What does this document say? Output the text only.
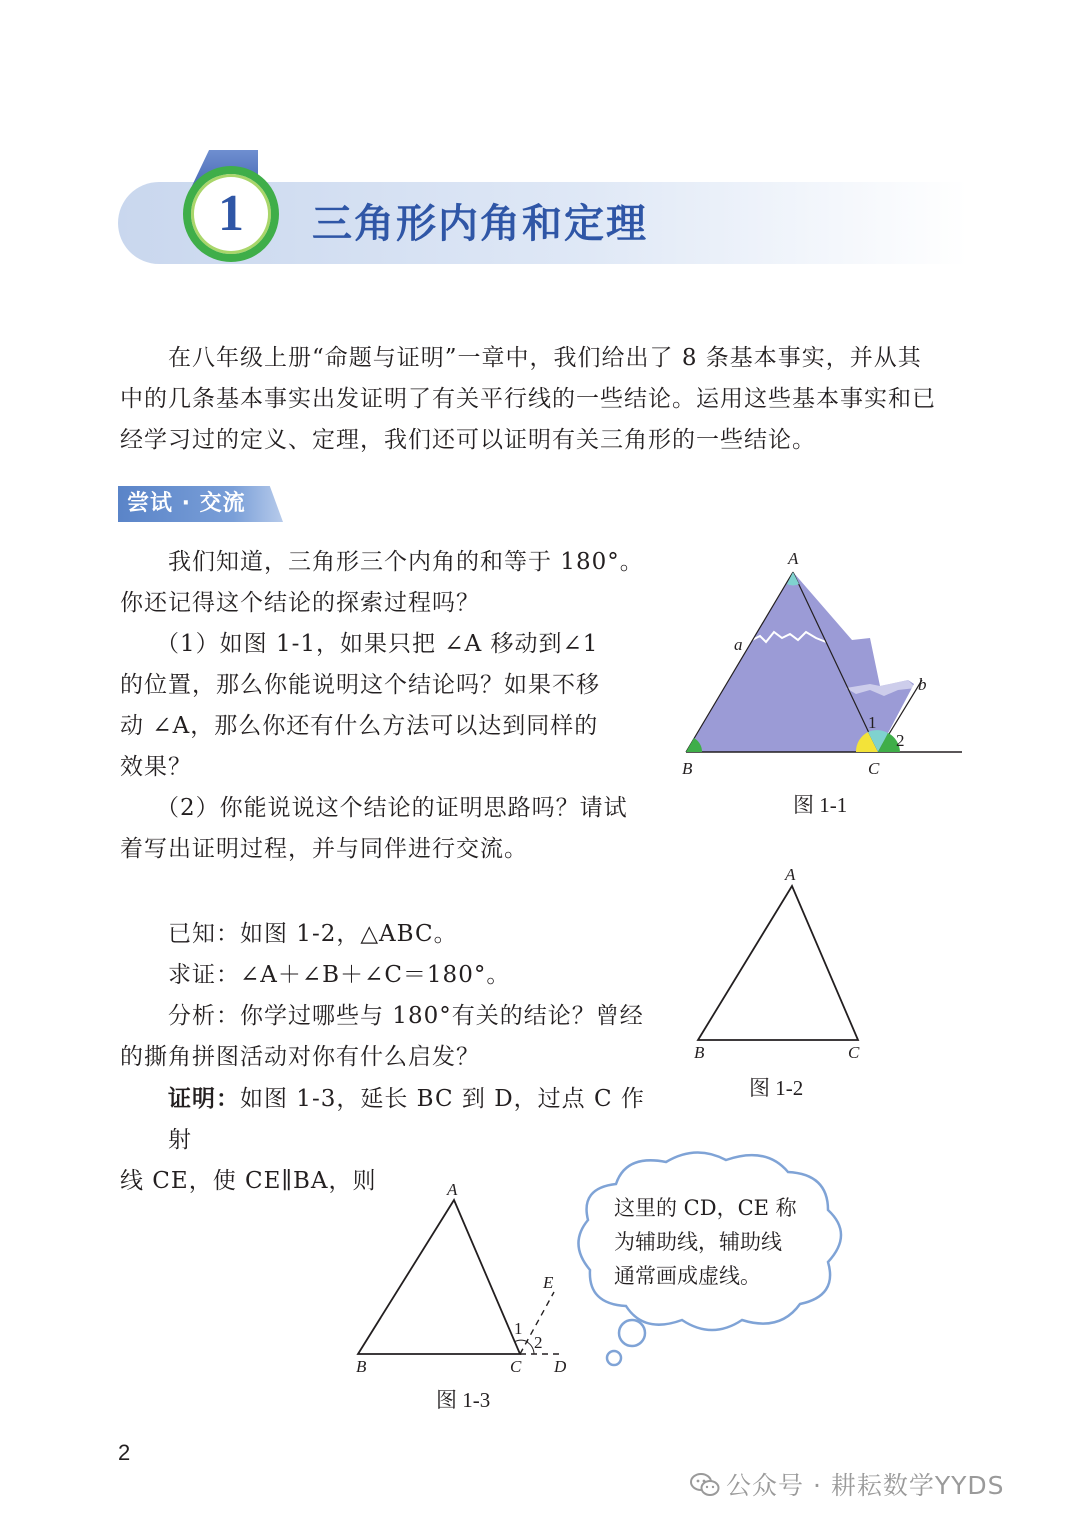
1 三角形内角和定理
在八年级上册“命题与证明”一章中，我们给出了 8 条基本事实，并从其
中的几条基本事实出发证明了有关平行线的一些结论。运用这些基本事实和已
经学习过的定义、定理，我们还可以证明有关三角形的一些结论。
尝试 · 交流
我们知道，三角形三个内角的和等于 180°。
你还记得这个结论的探索过程吗？
（1）如图 1-1，如果只把 ∠A 移动到∠1
的位置，那么你能说明这个结论吗？如果不移
动 ∠A，那么你还有什么方法可以达到同样的
效果？
（2）你能说说这个结论的证明思路吗？请试
着写出证明过程，并与同伴进行交流。
已知：如图 1-2，△ABC。
求证：∠A＋∠B＋∠C＝180°。
分析：你学过哪些与 180°有关的结论？曾经
的撕角拼图活动对你有什么启发？
证明：如图 1-3，延长 BC 到 D，过点 C 作射
线 CE，使 CE∥BA，则
A
a
b
B	C
1
2
图 1-1
A
B	C
图 1-2
A
B	C D
E
1
2
图 1-3
这里的 CD，CE 称
为辅助线，辅助线
通常画成虚线。
2
公众号 · 耕耘数学YYDS
